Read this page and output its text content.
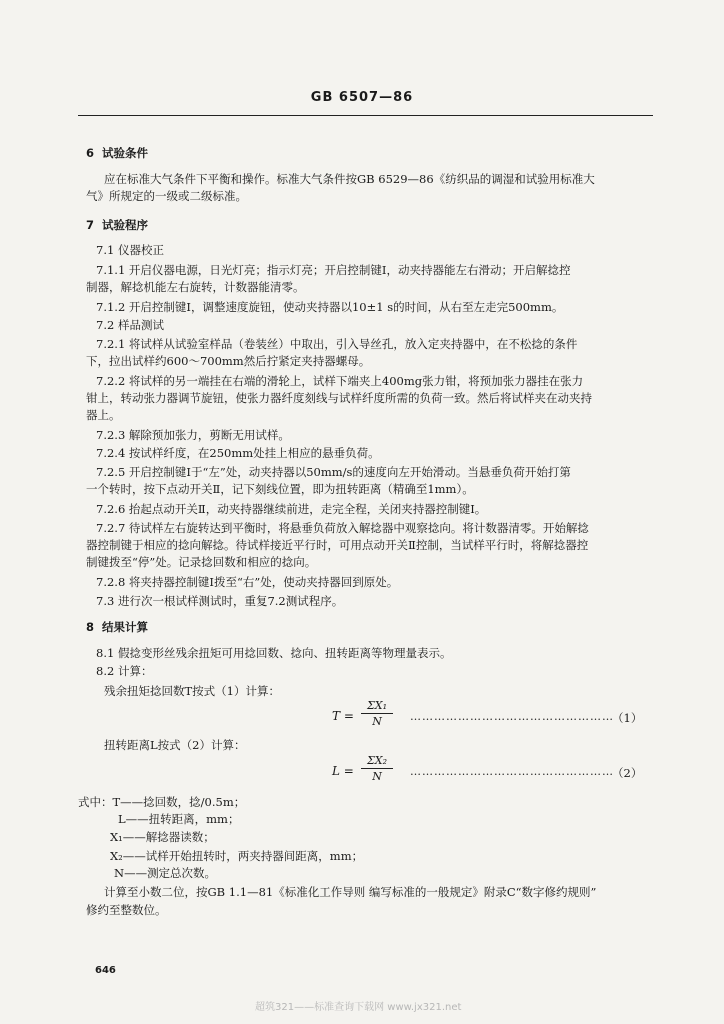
GB 6507—86
6 试验条件
应在标准大气条件下平衡和操作。标准大气条件按GB 6529—86《纺织品的调湿和试验用标准大
气》所规定的一级或二级标准。
7 试验程序
7.1 仪器校正
7.1.1 开启仪器电源，日光灯亮；指示灯亮；开启控制键Ⅰ，动夹持器能左右滑动；开启解捻控
制器，解捻机能左右旋转，计数器能清零。
7.1.2 开启控制键Ⅰ，调整速度旋钮，使动夹持器以10±1 s的时间，从右至左走完500mm。
7.2 样品测试
7.2.1 将试样从试验室样品（卷装丝）中取出，引入导丝孔，放入定夹持器中，在不松捻的条件
下，拉出试样约600～700mm然后拧紧定夹持器螺母。
7.2.2 将试样的另一端挂在右端的滑轮上，试样下端夹上400mg张力钳，将预加张力器挂在张力
钳上，转动张力器调节旋钮，使张力器纤度刻线与试样纤度所需的负荷一致。然后将试样夹在动夹持
器上。
7.2.3 解除预加张力，剪断无用试样。
7.2.4 按试样纤度，在250mm处挂上相应的悬垂负荷。
7.2.5 开启控制键Ⅰ于“左”处，动夹持器以50mm/s的速度向左开始滑动。当悬垂负荷开始打第
一个转时，按下点动开关Ⅱ，记下刻线位置，即为扭转距离（精确至1mm）。
7.2.6 抬起点动开关Ⅱ，动夹持器继续前进，走完全程，关闭夹持器控制键Ⅰ。
7.2.7 待试样左右旋转达到平衡时，将悬垂负荷放入解捻器中观察捻向。将计数器清零。开始解捻
器控制键于相应的捻向解捻。待试样接近平行时，可用点动开关Ⅱ控制，当试样平行时，将解捻器控
制键拨至“停”处。记录捻回数和相应的捻向。
7.2.8 将夹持器控制键Ⅰ拨至“右”处，使动夹持器回到原处。
7.3 进行次一根试样测试时，重复7.2测试程序。
8 结果计算
8.1 假捻变形丝残余扭矩可用捻回数、捻向、扭转距离等物理量表示。
8.2 计算：
残余扭矩捻回数T按式（1）计算：
T =
ΣX₁
N	……………………………………………
（1）
扭转距离L按式（2）计算：
L =
ΣX₂
N	……………………………………………
（2）
式中：T——捻回数，捻/0.5m；
L——扭转距离，mm；
X₁——解捻器读数；
X₂——试样开始扭转时，两夹持器间距离，mm；
N——测定总次数。
计算至小数二位，按GB 1.1—81《标准化工作导则 编写标准的一般规定》附录C“数字修约规则”
修约至整数位。
646
超筑321——标准查询下载网 www.jx321.net
